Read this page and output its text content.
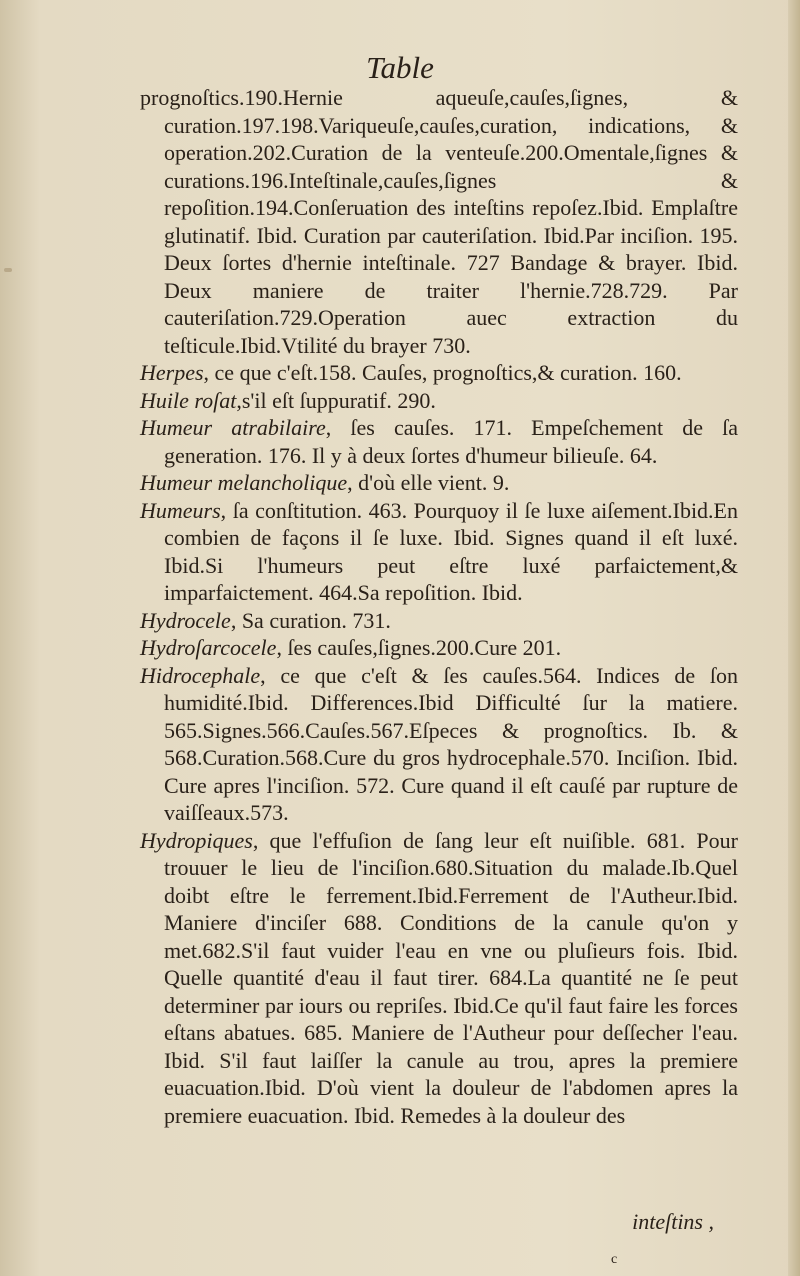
Table

prognoſtics.190.Hernie aqueuſe,cauſes,ſignes, & curation.197.198.Variqueuſe,cauſes,curation, indications, & operation.202.Curation de la venteuſe.200.Omentale,ſignes & curations.196.Inteſtinale,cauſes,ſignes & repoſition.194.Conſeruation des inteſtins repoſez.Ibid. Emplaſtre glutinatif. Ibid. Curation par cauteriſation. Ibid.Par inciſion. 195. Deux ſortes d'hernie inteſtinale. 727 Bandage & brayer. Ibid. Deux maniere de traiter l'hernie.728.729. Par cauteriſation.729.Operation auec extraction du teſticule.Ibid.Vtilité du brayer 730.

Herpes, ce que c'eſt.158. Cauſes, prognoſtics,& curation. 160.

Huile roſat,s'il eſt ſuppuratif. 290.

Humeur atrabilaire, ſes cauſes. 171. Empeſchement de ſa generation. 176. Il y à deux ſortes d'humeur bilieuſe. 64.

Humeur melancholique, d'où elle vient. 9.

Humeurs, ſa conſtitution. 463. Pourquoy il ſe luxe aiſement.Ibid.En combien de façons il ſe luxe. Ibid. Signes quand il eſt luxé. Ibid.Si l'humeurs peut eſtre luxé parfaictement,& imparfaictement. 464.Sa repoſition. Ibid.

Hydrocele, Sa curation. 731.

Hydroſarcocele, ſes cauſes,ſignes.200.Cure 201.

Hidrocephale, ce que c'eſt & ſes cauſes.564. Indices de ſon humidité.Ibid. Differences.Ibid Difficulté ſur la matiere. 565.Signes.566.Cauſes.567.Eſpeces & prognoſtics. Ib. & 568.Curation.568.Cure du gros hydrocephale.570. Inciſion. Ibid. Cure apres l'inciſion. 572. Cure quand il eſt cauſé par rupture de vaiſſeaux.573.

Hydropiques, que l'effuſion de ſang leur eſt nuiſible. 681. Pour trouuer le lieu de l'inciſion.680.Situation du malade.Ib.Quel doibt eſtre le ferrement.Ibid.Ferrement de l'Autheur.Ibid. Maniere d'inciſer 688. Conditions de la canule qu'on y met.682.S'il faut vuider l'eau en vne ou pluſieurs fois. Ibid. Quelle quantité d'eau il faut tirer. 684.La quantité ne ſe peut determiner par iours ou repriſes. Ibid.Ce qu'il faut faire les forces eſtans abatues. 685. Maniere de l'Autheur pour deſſecher l'eau. Ibid. S'il faut laiſſer la canule au trou, apres la premiere euacuation.Ibid. D'où vient la douleur de l'abdomen apres la premiere euacuation. Ibid. Remedes à la douleur des

inteſtins ,
c
